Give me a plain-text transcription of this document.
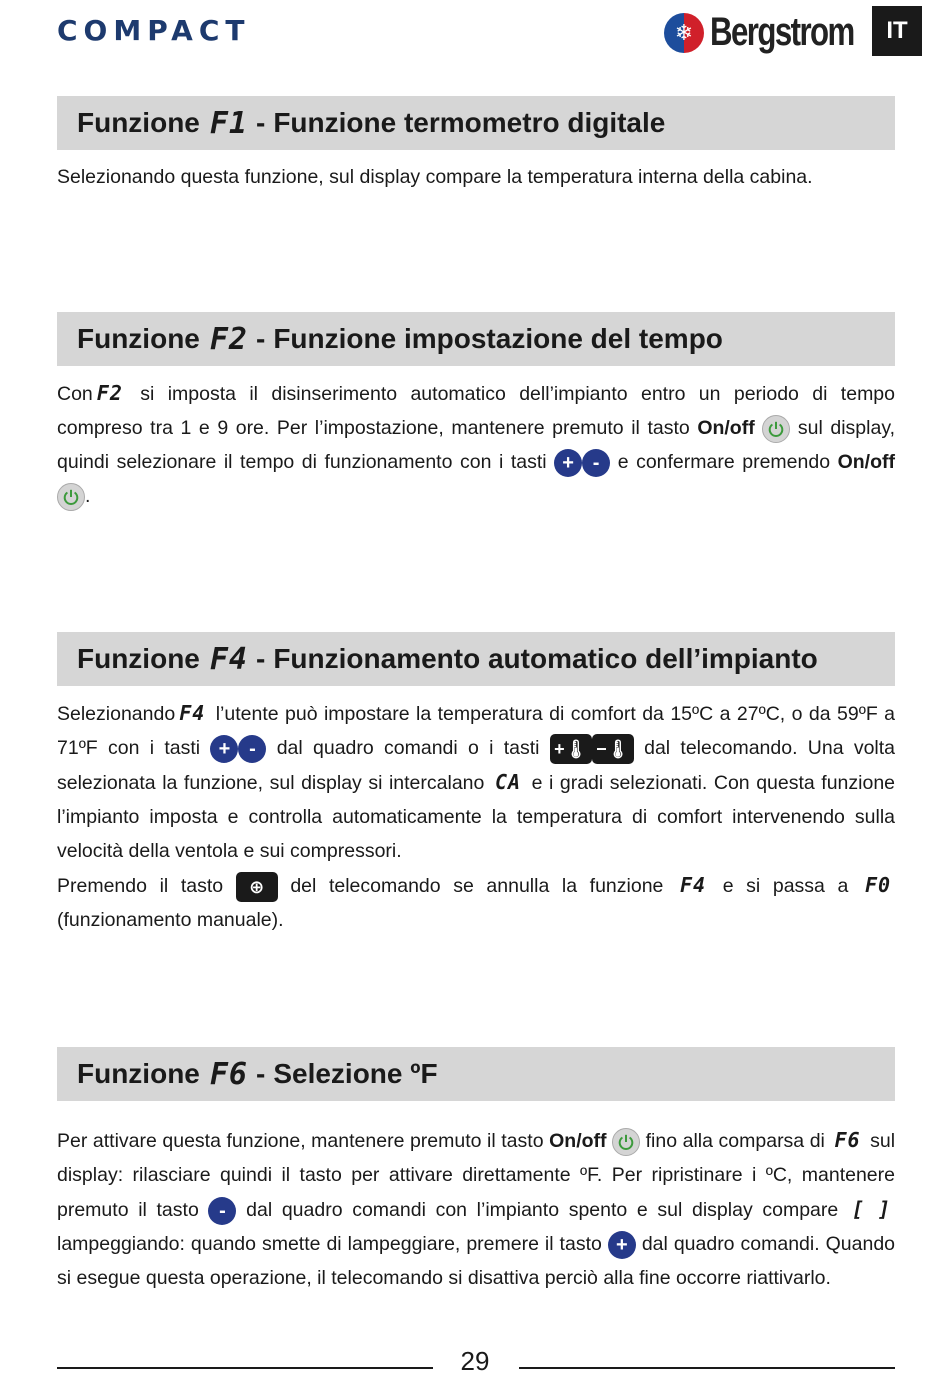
COMPACT	❄ Bergstrom	IT
Funzione F1 - Funzione termometro digitale
Selezionando questa funzione, sul display compare la temperatura interna della cabina.
Funzione F2 - Funzione impostazione del tempo
Con F2 si imposta il disinserimento automatico dell’impianto entro un periodo di tempo compreso tra 1 e 9 ore. Per l’impostazione, mantenere premuto il tasto On/off sul display, quindi selezionare il tempo di funzionamento con i tasti + - e confermare premendo On/off
.
Funzione F4 - Funzionamento automatico dell’impianto
Selezionando F4 l’utente può impostare la temperatura di comfort da 15ºC a 27ºC, o da 59ºF a 71ºF con i tasti + - dal quadro comandi o i tasti +🌡 −🌡 dal telecomando. Una volta selezionata la funzione, sul display si intercalano CA e i gradi selezionati. Con questa funzione l’impianto imposta e controlla automaticamente la temperatura di comfort intervenendo sulla velocità della ventola e sui compressori.
Premendo il tasto ⊕ del telecomando se annulla la funzione F4 e si passa a F0 (funzionamento manuale).
Funzione F6 - Selezione ºF
Per attivare questa funzione, mantenere premuto il tasto On/off fino alla comparsa di F6 sul display: rilasciare quindi il tasto per attivare direttamente ºF. Per ripristinare i ºC, mantenere premuto il tasto - dal quadro comandi con l’impianto spento e sul display compare [ ] lampeggiando: quando smette di lampeggiare, premere il tasto + dal quadro comandi. Quando si esegue questa operazione, il telecomando si disattiva perciò alla fine occorre riattivarlo.
29
